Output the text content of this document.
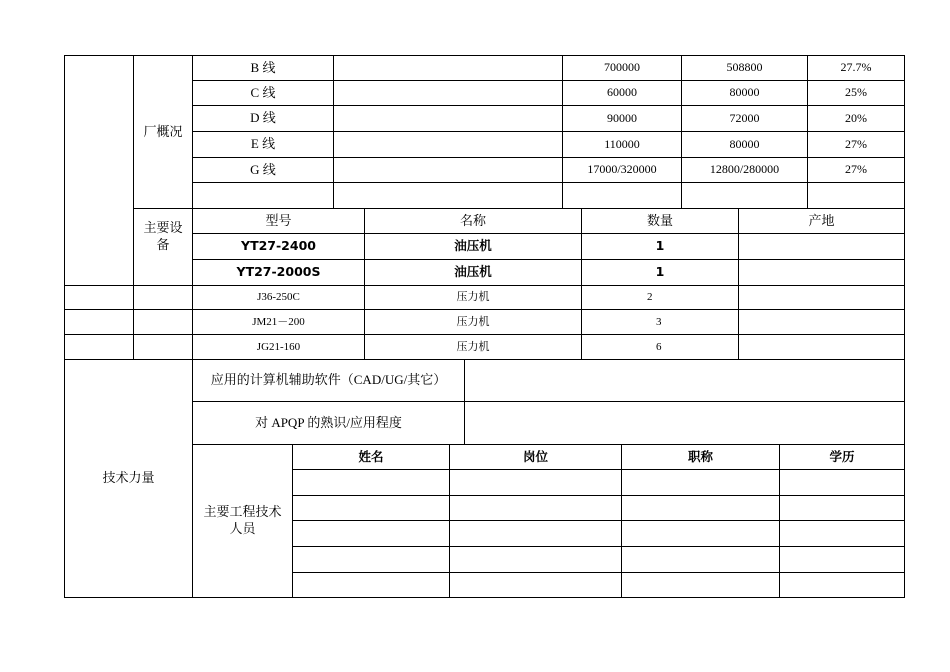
厂概况
B 线	700000	508800	27.7%
C 线	60000	80000	25%
D 线	90000	72000	20%
E 线	110000	80000	27%
G 线	17000/320000	12800/280000	27%
主要设备
型号	名称	数量	产地
YT27-2400	油压机	1
YT27-2000S	油压机	1
J36-250C	压力机	2
JM21－200	压力机	3
JG21-160	压力机	6
技术力量
应用的计算机辅助软件（CAD/UG/其它）
对 APQP 的熟识/应用程度
主要工程技术人员
姓名	岗位	职称	学历
